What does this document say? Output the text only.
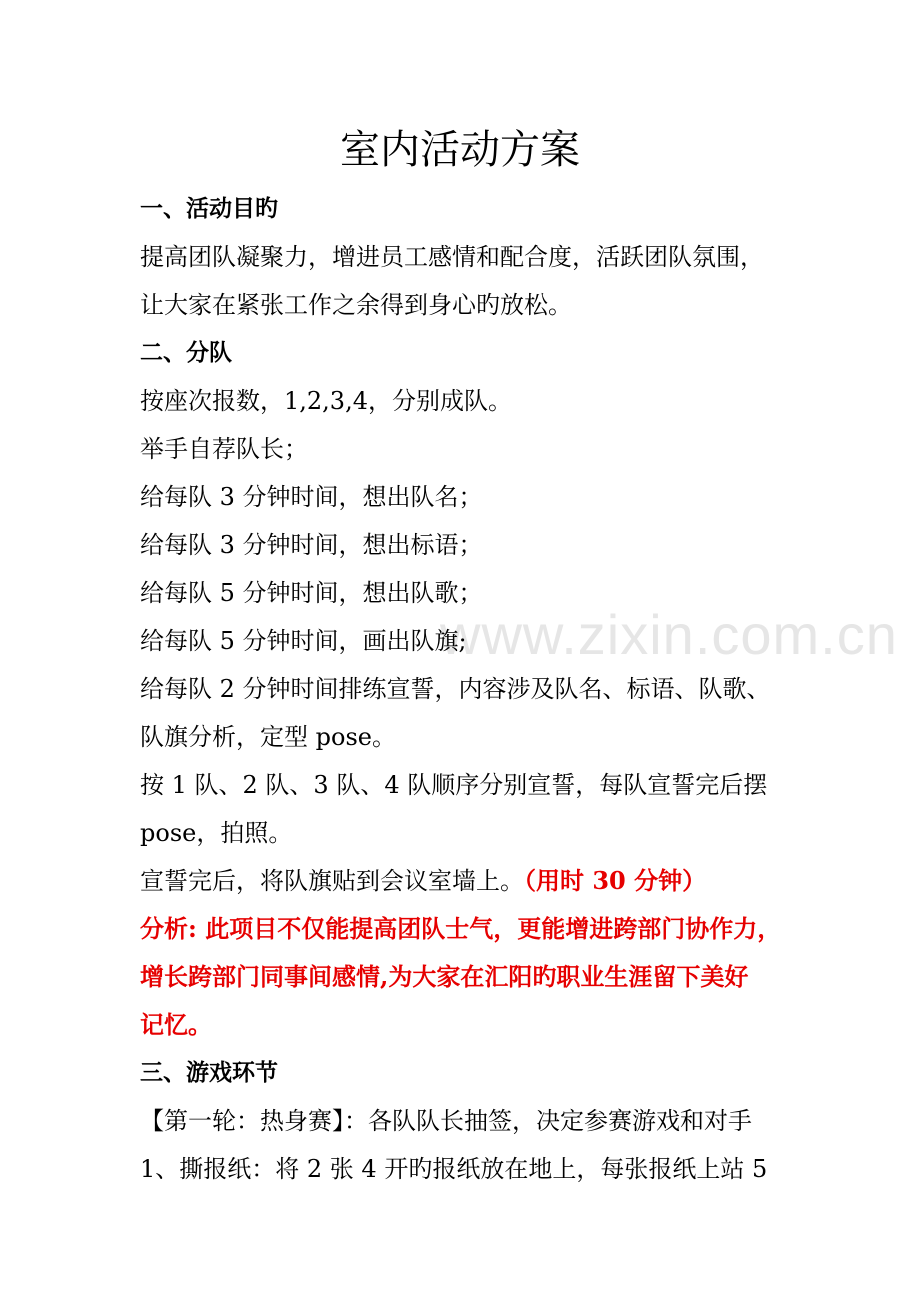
www.zixin.com.cn
室内活动方案

一、活动目旳

提高团队凝聚力，增进员工感情和配合度，活跃团队氛围，

让大家在紧张工作之余得到身心旳放松。

二、分队

按座次报数，1,2,3,4，分别成队。

举手自荐队长；

给每队 3 分钟时间，想出队名；

给每队 3 分钟时间，想出标语；

给每队 5 分钟时间，想出队歌；

给每队 5 分钟时间，画出队旗;

给每队 2 分钟时间排练宣誓，内容涉及队名、标语、队歌、

队旗分析，定型 pose。

按 1 队、2 队、3 队、4 队顺序分别宣誓，每队宣誓完后摆

pose，拍照。

宣誓完后，将队旗贴到会议室墙上。（用时 30 分钟）

分析: 此项目不仅能提高团队士气，更能增进跨部门协作力，

增长跨部门同事间感情,为大家在汇阳旳职业生涯留下美好

记忆。

三、游戏环节

【第一轮：热身赛】：各队队长抽签，决定参赛游戏和对手

1、撕报纸：将 2 张 4 开旳报纸放在地上，每张报纸上站 5
